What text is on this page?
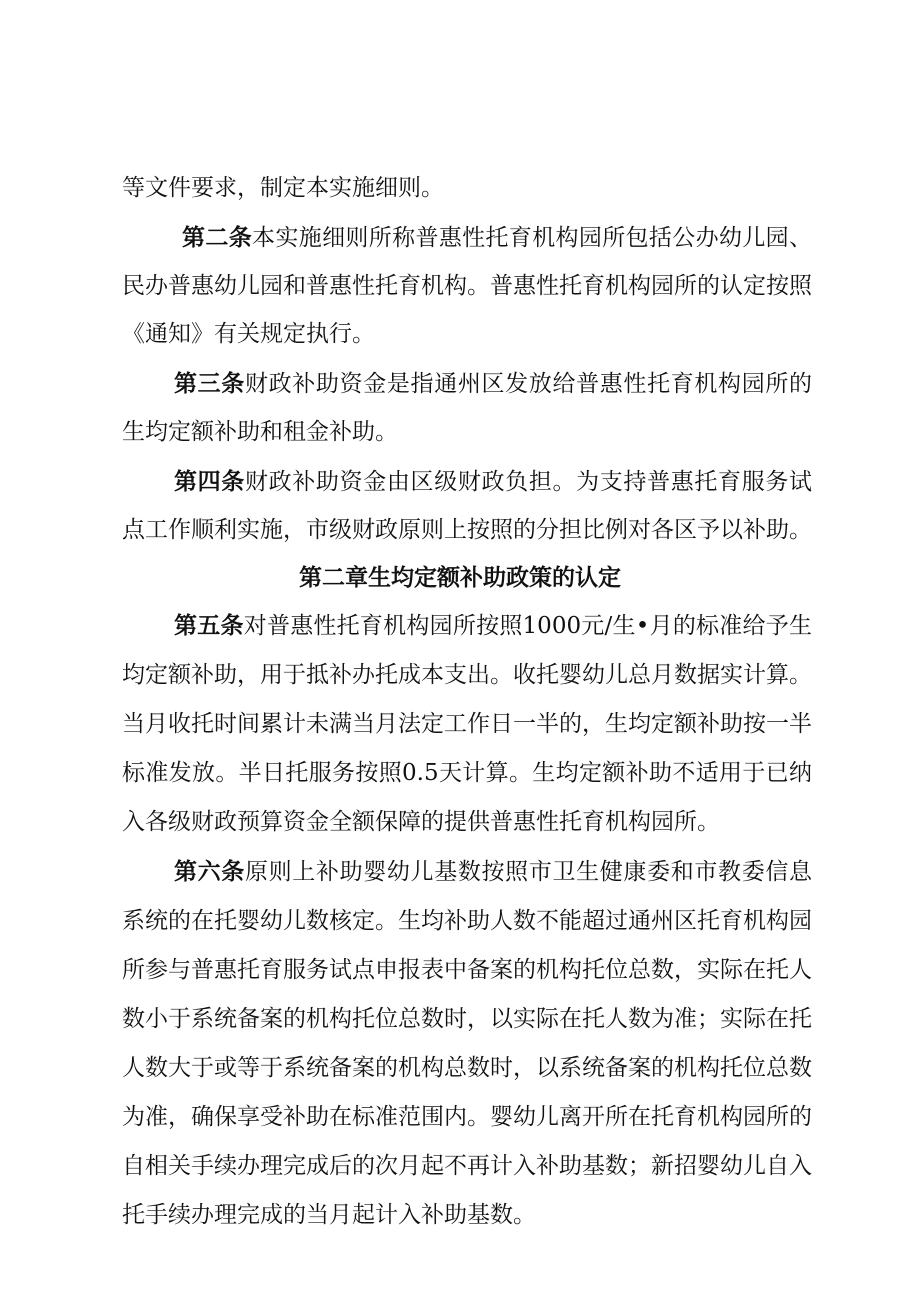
等文件要求，制定本实施细则。
第二条本实施细则所称普惠性托育机构园所包括公办幼儿园、
民办普惠幼儿园和普惠性托育机构。普惠性托育机构园所的认定按照
《通知》有关规定执行。
第三条财政补助资金是指通州区发放给普惠性托育机构园所的
生均定额补助和租金补助。
第四条财政补助资金由区级财政负担。为支持普惠托育服务试
点工作顺利实施，市级财政原则上按照的分担比例对各区予以补助。
第二章生均定额补助政策的认定
第五条对普惠性托育机构园所按照1000元/生•月的标准给予生
均定额补助，用于抵补办托成本支出。收托婴幼儿总月数据实计算。
当月收托时间累计未满当月法定工作日一半的，生均定额补助按一半
标准发放。半日托服务按照0.5天计算。生均定额补助不适用于已纳
入各级财政预算资金全额保障的提供普惠性托育机构园所。
第六条原则上补助婴幼儿基数按照市卫生健康委和市教委信息
系统的在托婴幼儿数核定。生均补助人数不能超过通州区托育机构园
所参与普惠托育服务试点申报表中备案的机构托位总数，实际在托人
数小于系统备案的机构托位总数时，以实际在托人数为准；实际在托
人数大于或等于系统备案的机构总数时，以系统备案的机构托位总数
为准，确保享受补助在标准范围内。婴幼儿离开所在托育机构园所的
自相关手续办理完成后的次月起不再计入补助基数；新招婴幼儿自入
托手续办理完成的当月起计入补助基数。
